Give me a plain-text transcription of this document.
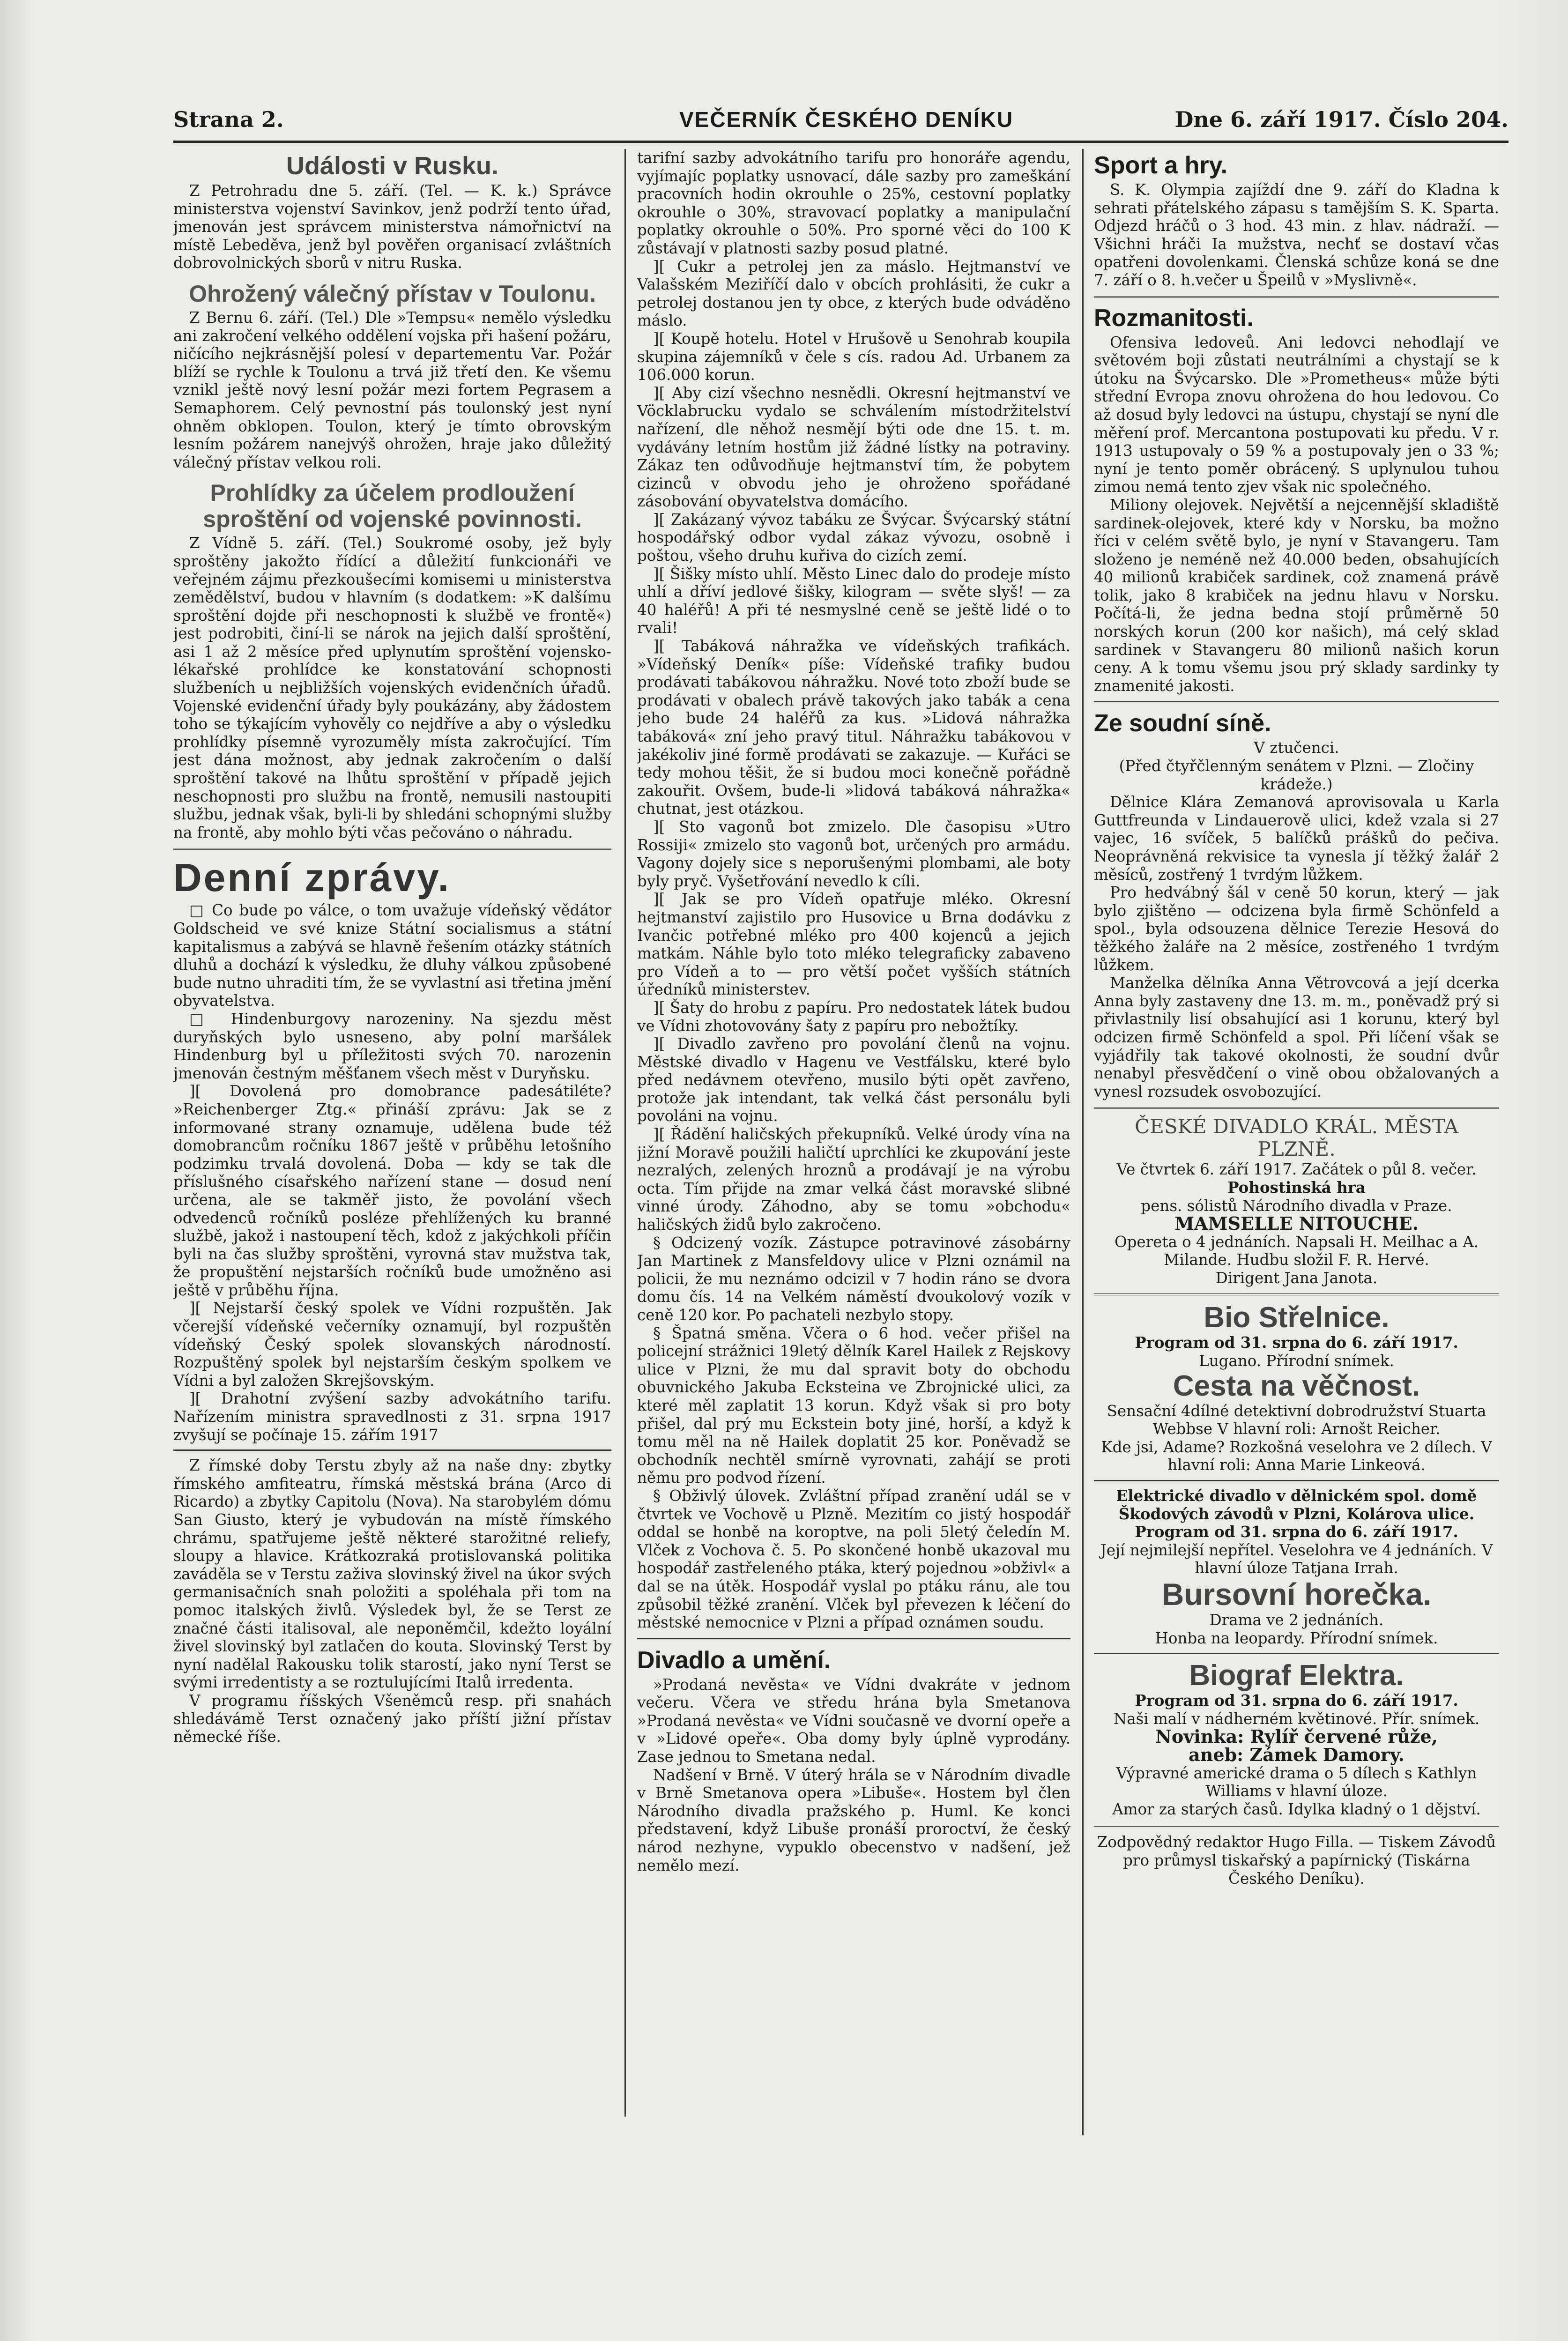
Strana 2.	VEČERNÍK ČESKÉHO DENÍKU	Dne 6. září 1917. Číslo 204.
Události v Rusku.

Z Petrohradu dne 5. září. (Tel. — K. k.) Správce ministerstva vojenství Savinkov, jenž podrží tento úřad, jmenován jest správcem ministerstva námořnictví na místě Lebeděva, jenž byl pověřen organisací zvláštních dobrovolnických sborů v nitru Ruska.

Ohrožený válečný přístav v Toulonu.

Z Bernu 6. září. (Tel.) Dle »Tempsu« nemělo výsledku ani zakročení velkého oddělení vojska při hašení požáru, ničícího nejkrásnější polesí v departementu Var. Požár blíží se rychle k Toulonu a trvá již třetí den. Ke všemu vznikl ještě nový lesní požár mezi fortem Pegrasem a Semaphorem. Celý pevnostní pás toulonský jest nyní ohněm obklopen. Toulon, který je tímto obrovským lesním požárem nanejvýš ohrožen, hraje jako důležitý válečný přístav velkou roli.

Prohlídky za účelem prodloužení sproštění od vojenské povinnosti.

Z Vídně 5. září. (Tel.) Soukromé osoby, jež byly sproštěny jakožto řídící a důležití funkcionáři ve veřejném zájmu přezkoušecími komisemi u ministerstva zemědělství, budou v hlavním (s dodatkem: »K dalšímu sproštění dojde při neschopnosti k službě ve frontě«) jest podrobiti, činí-li se nárok na jejich další sproštění, asi 1 až 2 měsíce před uplynutím sproštění vojensko-lékařské prohlídce ke konstatování schopnosti službeních u nejbližších vojenských evidenčních úřadů. Vojenské evidenční úřady byly poukázány, aby žádostem toho se týkajícím vyhověly co nejdříve a aby o výsledku prohlídky písemně vyrozuměly místa zakročující. Tím jest dána možnost, aby jednak zakročením o další sproštění takové na lhůtu sproštění v případě jejich neschopnosti pro službu na frontě, nemusili nastoupiti službu, jednak však, byli-li by shledáni schopnými služby na frontě, aby mohlo býti včas pečováno o náhradu.

Denní zprávy.

□ Co bude po válce, o tom uvažuje vídeňský vědátor Goldscheid ve své knize Státní socialismus a státní kapitalismus a zabývá se hlavně řešením otázky státních dluhů a dochází k výsledku, že dluhy válkou způsobené bude nutno uhraditi tím, že se vyvlastní asi třetina jmění obyvatelstva.

□ Hindenburgovy narozeniny. Na sjezdu měst duryňských bylo usneseno, aby polní maršálek Hindenburg byl u příležitosti svých 70. narozenin jmenován čestným měšťanem všech měst v Duryňsku.

][ Dovolená pro domobrance padesátiléte? »Reichenberger Ztg.« přináší zprávu: Jak se z informované strany oznamuje, udělena bude též domobrancům ročníku 1867 ještě v průběhu letošního podzimku trvalá dovolená. Doba — kdy se tak dle příslušného císařského nařízení stane — dosud není určena, ale se takměř jisto, že povolání všech odvedenců ročníků posléze přehlížených ku branné službě, jakož i nastoupení těch, kdož z jakýchkoli příčin byli na čas služby sproštěni, vyrovná stav mužstva tak, že propuštění nejstarších ročníků bude umožněno asi ještě v průběhu října.

][ Nejstarší český spolek ve Vídni rozpuštěn. Jak včerejší vídeňské večerníky oznamují, byl rozpuštěn vídeňský Český spolek slovanských národností. Rozpuštěný spolek byl nejstarším českým spolkem ve Vídni a byl založen Skrejšovským.

][ Drahotní zvýšení sazby advokátního tarifu. Nařízením ministra spravedlnosti z 31. srpna 1917 zvyšují se počínaje 15. zářím 1917

Z římské doby Terstu zbyly až na naše dny: zbytky římského amfiteatru, římská městská brána (Arco di Ricardo) a zbytky Capitolu (Nova). Na starobylém dómu San Giusto, který je vybudován na místě římského chrámu, spatřujeme ještě některé starožitné reliefy, sloupy a hlavice. Krátkozraká protislovanská politika zaváděla se v Terstu zaživa slovinský živel na úkor svých germanisačních snah položiti a spoléhala při tom na pomoc italských živlů. Výsledek byl, že se Terst ze značné části italisoval, ale neponěmčil, kdežto loyální živel slovinský byl zatlačen do kouta. Slovinský Terst by nyní nadělal Rakousku tolik starostí, jako nyní Terst se svými irredentisty a se roztulujícími Italů irredenta.

V programu říšských Všeněmců resp. při snahách shledávámě Terst označený jako příští jižní přístav německé říše.

tarifní sazby advokátního tarifu pro honoráře agendu, vyjímajíc poplatky usnovací, dále sazby pro zameškání pracovních hodin okrouhle o 25%, cestovní poplatky okrouhle o 30%, stravovací poplatky a manipulační poplatky okrouhle o 50%. Pro sporné věci do 100 K zůstávají v platnosti sazby posud platné.

][ Cukr a petrolej jen za máslo. Hejtmanství ve Valašském Meziříčí dalo v obcích prohlásiti, že cukr a petrolej dostanou jen ty obce, z kterých bude odváděno máslo.

][ Koupě hotelu. Hotel v Hrušově u Senohrab koupila skupina zájemníků v čele s cís. radou Ad. Urbanem za 106.000 korun.

][ Aby cizí všechno nesnědli. Okresní hejtmanství ve Vöcklabrucku vydalo se schválením místodržitelství nařízení, dle něhož nesmějí býti ode dne 15. t. m. vydávány letním hostům již žádné lístky na potraviny. Zákaz ten odůvodňuje hejtmanství tím, že pobytem cizinců v obvodu jeho je ohroženo spořádané zásobování obyvatelstva domácího.

][ Zakázaný vývoz tabáku ze Švýcar. Švýcarský státní hospodářský odbor vydal zákaz vývozu, osobně i poštou, všeho druhu kuřiva do cizích zemí.

][ Šišky místo uhlí. Město Linec dalo do prodeje místo uhlí a dříví jedlové šišky, kilogram — světe slyš! — za 40 haléřů! A při té nesmyslné ceně se ještě lidé o to rvali!

][ Tabáková náhražka ve vídeňských trafikách. »Vídeňský Deník« píše: Vídeňské trafiky budou prodávati tabákovou náhražku. Nové toto zboží bude se prodávati v obalech právě takových jako tabák a cena jeho bude 24 haléřů za kus. »Lidová náhražka tabáková« zní jeho pravý titul. Náhražku tabákovou v jakékoliv jiné formě prodávati se zakazuje. — Kuřáci se tedy mohou těšit, že si budou moci konečně pořádně zakouřit. Ovšem, bude-li »lidová tabáková náhražka« chutnat, jest otázkou.

][ Sto vagonů bot zmizelo. Dle časopisu »Utro Rossiji« zmizelo sto vagonů bot, určených pro armádu. Vagony dojely sice s neporušenými plombami, ale boty byly pryč. Vyšetřování nevedlo k cíli.

][ Jak se pro Vídeň opatřuje mléko. Okresní hejtmanství zajistilo pro Husovice u Brna dodávku z Ivančic potřebné mléko pro 400 kojenců a jejich matkám. Náhle bylo toto mléko telegraficky zabaveno pro Vídeň a to — pro větší počet vyšších státních úředníků ministerstev.

][ Šaty do hrobu z papíru. Pro nedostatek látek budou ve Vídni zhotovovány šaty z papíru pro nebožtíky.

][ Divadlo zavřeno pro povolání členů na vojnu. Městské divadlo v Hagenu ve Vestfálsku, které bylo před nedávnem otevřeno, musilo býti opět zavřeno, protože jak intendant, tak velká část personálu byli povoláni na vojnu.

][ Řádění haličských překupníků. Velké úrody vína na jižní Moravě použili haličtí uprchlíci ke zkupování jeste nezralých, zelených hroznů a prodávají je na výrobu octa. Tím přijde na zmar velká část moravské slibné vinné úrody. Záhodno, aby se tomu »obchodu« haličských židů bylo zakročeno.

§ Odcizený vozík. Zástupce potravinové zásobárny Jan Martinek z Mansfeldovy ulice v Plzni oznámil na policii, že mu neznámo odcizil v 7 hodin ráno se dvora domu čís. 14 na Velkém náměstí dvoukolový vozík v ceně 120 kor. Po pachateli nezbylo stopy.

§ Špatná směna. Včera o 6 hod. večer přišel na policejní strážnici 19letý dělník Karel Hailek z Rejskovy ulice v Plzni, že mu dal spravit boty do obchodu obuvnického Jakuba Ecksteina ve Zbrojnické ulici, za které měl zaplatit 13 korun. Když však si pro boty přišel, dal prý mu Eckstein boty jiné, horší, a když k tomu měl na ně Hailek doplatit 25 kor. Poněvadž se obchodník nechtěl smírně vyrovnati, zahájí se proti němu pro podvod řízení.

§ Obživlý úlovek. Zvláštní případ zranění udál se v čtvrtek ve Vochově u Plzně. Mezitím co jistý hospodář oddal se honbě na koroptve, na poli 5letý čeledín M. Vlček z Vochova č. 5. Po skončené honbě ukazoval mu hospodář zastřeleného ptáka, který pojednou »obživl« a dal se na útěk. Hospodář vyslal po ptáku ránu, ale tou způsobil těžké zranění. Vlček byl převezen k léčení do městské nemocnice v Plzni a případ oznámen soudu.

Divadlo a umění.

»Prodaná nevěsta« ve Vídni dvakráte v jednom večeru. Včera ve středu hrána byla Smetanova »Prodaná nevěsta« ve Vídni současně ve dvorní opeře a v »Lidové opeře«. Oba domy byly úplně vyprodány. Zase jednou to Smetana nedal.

Nadšení v Brně. V úterý hrála se v Národním divadle v Brně Smetanova opera »Libuše«. Hostem byl člen Národního divadla pražského p. Huml. Ke konci představení, když Libuše pronáší proroctví, že český národ nezhyne, vypuklo obecenstvo v nadšení, jež nemělo mezí.

Sport a hry.

S. K. Olympia zajíždí dne 9. září do Kladna k sehrati přátelského zápasu s tamějším S. K. Sparta. Odjezd hráčů o 3 hod. 43 min. z hlav. nádraží. — Všichni hráči Ia mužstva, nechť se dostaví včas opatřeni dovolenkami. Členská schůze koná se dne 7. září o 8. h.večer u Špeilů v »Myslivně«.

Rozmanitosti.

Ofensiva ledoveů. Ani ledovci nehodlají ve světovém boji zůstati neutrálními a chystají se k útoku na Švýcarsko. Dle »Prometheus« může býti střední Evropa znovu ohrožena do hou ledovou. Co až dosud byly ledovci na ústupu, chystají se nyní dle měření prof. Mercantona postupovati ku předu. V r. 1913 ustupovaly o 59 % a postupovaly jen o 33 %; nyní je tento poměr obrácený. S uplynulou tuhou zimou nemá tento zjev však nic společného.

Miliony olejovek. Největší a nejcennější skladiště sardinek-olejovek, které kdy v Norsku, ba možno říci v celém světě bylo, je nyní v Stavangeru. Tam složeno je neméně než 40.000 beden, obsahujících 40 milionů krabiček sardinek, což znamená právě tolik, jako 8 krabiček na jednu hlavu v Norsku. Počítá-li, že jedna bedna stojí průměrně 50 norských korun (200 kor našich), má celý sklad sardinek v Stavangeru 80 milionů našich korun ceny. A k tomu všemu jsou prý sklady sardinky ty znamenité jakosti.

Ze soudní síně.

V ztučenci.

(Před čtyřčlenným senátem v Plzni. — Zločiny krádeže.)

Dělnice Klára Zemanová aprovisovala u Karla Guttfreunda v Lindauerově ulici, kdež vzala si 27 vajec, 16 svíček, 5 balíčků prášků do pečiva. Neoprávněná rekvisice ta vynesla jí těžký žalář 2 měsíců, zostřený 1 tvrdým lůžkem.

Pro hedvábný šál v ceně 50 korun, který — jak bylo zjištěno — odcizena byla firmě Schönfeld a spol., byla odsouzena dělnice Terezie Hesová do těžkého žaláře na 2 měsíce, zostřeného 1 tvrdým lůžkem.

Manželka dělníka Anna Větrovcová a její dcerka Anna byly zastaveny dne 13. m. m., poněvadž prý si přivlastnily lisí obsahující asi 1 korunu, který byl odcizen firmě Schönfeld a spol. Při líčení však se vyjádřily tak takové okolnosti, že soudní dvůr nenabyl přesvědčení o vině obou obžalovaných a vynesl rozsudek osvobozující.

ČESKÉ DIVADLO KRÁL. MĚSTA PLZNĚ.

Ve čtvrtek 6. září 1917. Začátek o půl 8. večer.

Pohostinská hra

pens. sólistů Národního divadla v Praze.

MAMSELLE NITOUCHE.

Opereta o 4 jednáních. Napsali H. Meilhac a A. Milande. Hudbu složil F. R. Hervé.

Dirigent Jana Janota.

Bio Střelnice.

Program od 31. srpna do 6. září 1917.

Lugano. Přírodní snímek.

Cesta na věčnost.

Sensační 4dílné detektivní dobrodružství Stuarta Webbse V hlavní roli: Arnošt Reicher.

Kde jsi, Adame? Rozkošná veselohra ve 2 dílech. V hlavní roli: Anna Marie Linkeová.

Elektrické divadlo v dělnickém spol. domě Škodových závodů v Plzni, Kolárova ulice.

Program od 31. srpna do 6. září 1917.

Její nejmilejší nepřítel. Veselohra ve 4 jednáních. V hlavní úloze Tatjana Irrah.

Bursovní horečka.

Drama ve 2 jednáních.

Honba na leopardy. Přírodní snímek.

Biograf Elektra.

Program od 31. srpna do 6. září 1917.

Naši malí v nádherném květinové. Přír. snímek.

Novinka: Rylíř červené růže,

aneb: Zámek Damory.

Výpravné americké drama o 5 dílech s Kathlyn Williams v hlavní úloze.

Amor za starých časů. Idylka kladný o 1 dějství.

Zodpovědný redaktor Hugo Filla. — Tiskem Závodů pro průmysl tiskařský a papírnický (Tiskárna Českého Deníku).
